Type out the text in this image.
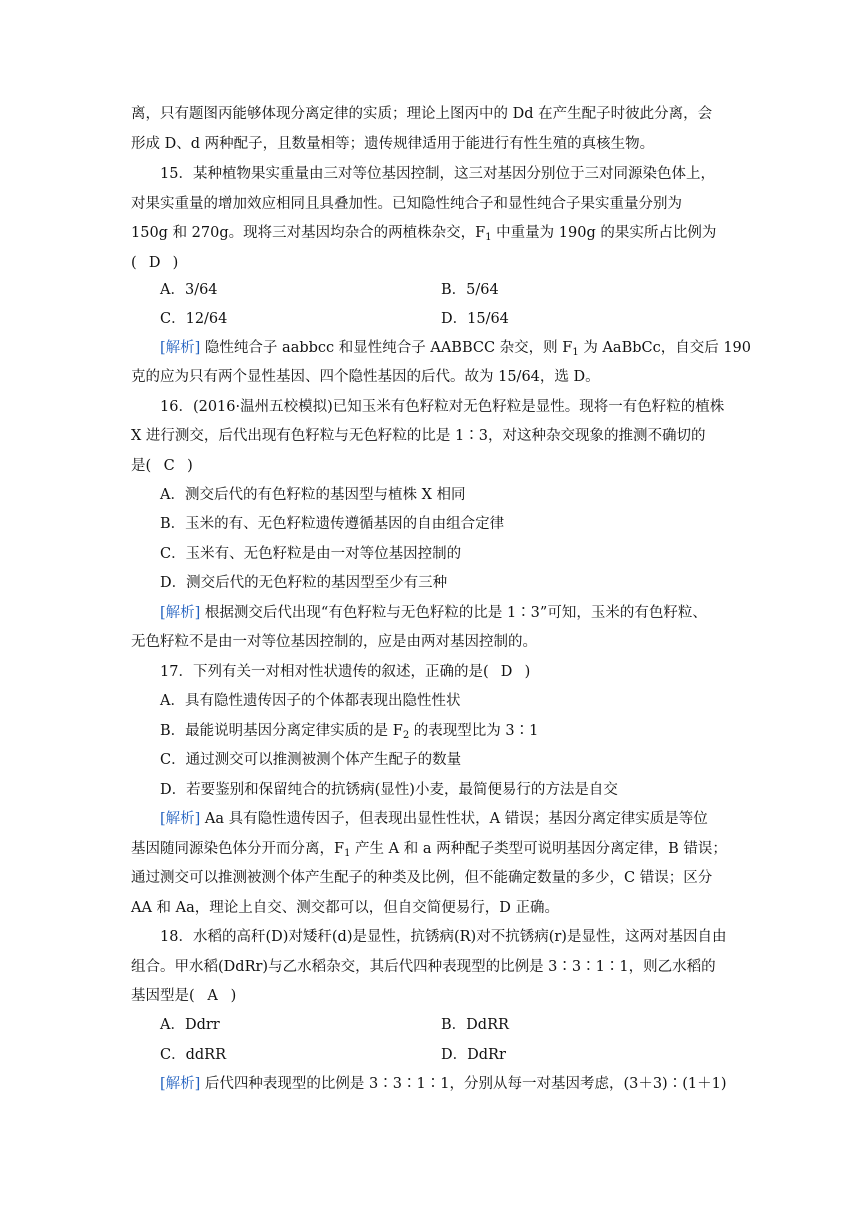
离，只有题图丙能够体现分离定律的实质；理论上图丙中的 Dd 在产生配子时彼此分离，会
形成 D、d 两种配子，且数量相等；遗传规律适用于能进行有性生殖的真核生物。
15．某种植物果实重量由三对等位基因控制，这三对基因分别位于三对同源染色体上，
对果实重量的增加效应相同且具叠加性。已知隐性纯合子和显性纯合子果实重量分别为
150g 和 270g。现将三对基因均杂合的两植株杂交，$F_1$ 中重量为 190g 的果实所占比例为
( D )
A．3/64	B．5/64
C．12/64	D．15/64
[解析] 隐性纯合子 aabbcc 和显性纯合子 AABBCC 杂交，则 $F_1$ 为 AaBbCc，自交后 190
克的应为只有两个显性基因、四个隐性基因的后代。故为 15/64，选 D。
16．(2016·温州五校模拟)已知玉米有色籽粒对无色籽粒是显性。现将一有色籽粒的植株
X 进行测交，后代出现有色籽粒与无色籽粒的比是 1∶3，对这种杂交现象的推测不确切的
是( C )
A．测交后代的有色籽粒的基因型与植株 X 相同
B．玉米的有、无色籽粒遗传遵循基因的自由组合定律
C．玉米有、无色籽粒是由一对等位基因控制的
D．测交后代的无色籽粒的基因型至少有三种
[解析] 根据测交后代出现“有色籽粒与无色籽粒的比是 1∶3”可知，玉米的有色籽粒、
无色籽粒不是由一对等位基因控制的，应是由两对基因控制的。
17．下列有关一对相对性状遗传的叙述，正确的是( D )
A．具有隐性遗传因子的个体都表现出隐性性状
B．最能说明基因分离定律实质的是 $F_2$ 的表现型比为 3∶1
C．通过测交可以推测被测个体产生配子的数量
D．若要鉴别和保留纯合的抗锈病(显性)小麦，最简便易行的方法是自交
[解析] Aa 具有隐性遗传因子，但表现出显性性状，A 错误；基因分离定律实质是等位
基因随同源染色体分开而分离，$F_1$ 产生 A 和 a 两种配子类型可说明基因分离定律，B 错误；
通过测交可以推测被测个体产生配子的种类及比例，但不能确定数量的多少，C 错误；区分
AA 和 Aa，理论上自交、测交都可以，但自交简便易行，D 正确。
18．水稻的高秆(D)对矮秆(d)是显性，抗锈病(R)对不抗锈病(r)是显性，这两对基因自由
组合。甲水稻(DdRr)与乙水稻杂交，其后代四种表现型的比例是 3∶3∶1∶1，则乙水稻的
基因型是( A )
A．Ddrr	B．DdRR
C．ddRR	D．DdRr
[解析] 后代四种表现型的比例是 3∶3∶1∶1，分别从每一对基因考虑，(3＋3)∶(1＋1)
